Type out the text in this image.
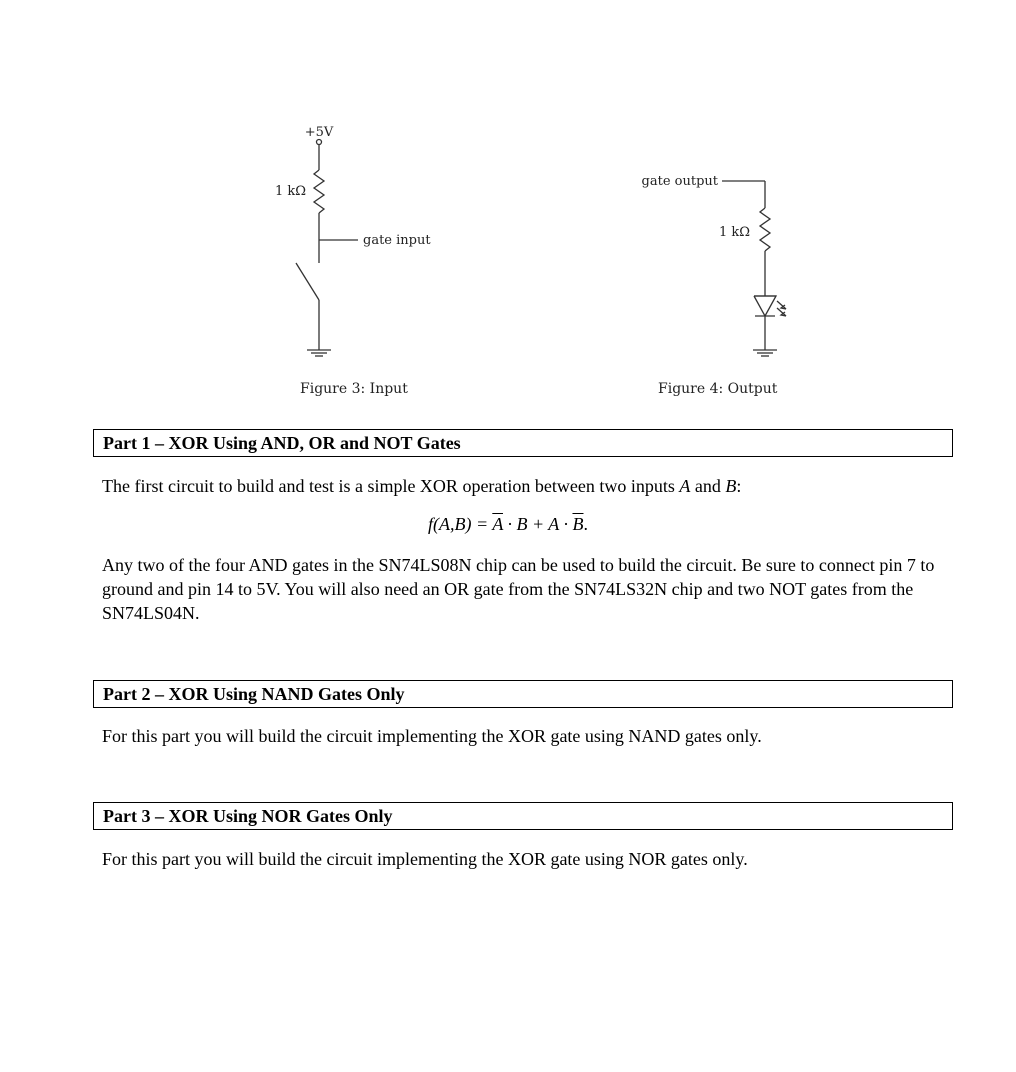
+5V
1 kΩ
gate input
gate output
1 kΩ
Figure 3: Input	Figure 4: Output
Part 1 – XOR Using AND, OR and NOT Gates
The first circuit to build and test is a simple XOR operation between two inputs A and B:
$f(A,B) = \overline{A} \cdot B + A \cdot \overline{B}$.
Any two of the four AND gates in the SN74LS08N chip can be used to build the circuit. Be sure to connect pin 7 to ground and pin 14 to 5V. You will also need an OR gate from the SN74LS32N chip and two NOT gates from the SN74LS04N.
Part 2 – XOR Using NAND Gates Only
For this part you will build the circuit implementing the XOR gate using NAND gates only.
Part 3 – XOR Using NOR Gates Only
For this part you will build the circuit implementing the XOR gate using NOR gates only.
